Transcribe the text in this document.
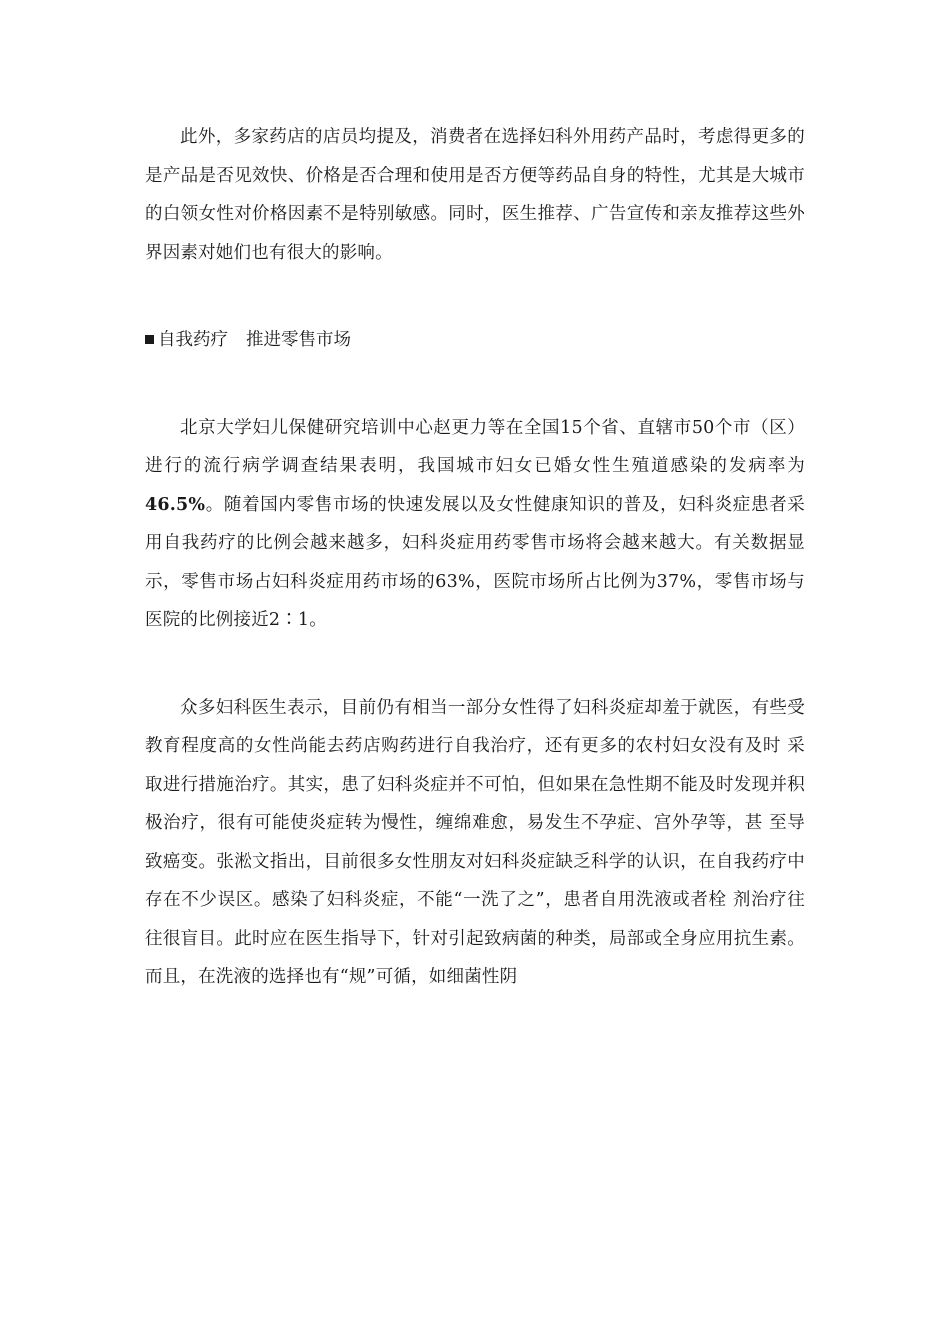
此外，多家药店的店员均提及，消费者在选择妇科外用药产品时，考虑得更多的是产品是否见效快、价格是否合理和使用是否方便等药品自身的特性，尤其是大城市的白领女性对价格因素不是特别敏感。同时，医生推荐、广告宣传和亲友推荐这些外界因素对她们也有很大的影响。

自我药疗 推进零售市场

北京大学妇儿保健研究培训中心赵更力等在全国15个省、直辖市50个市（区）进行的流行病学调查结果表明，我国城市妇女已婚女性生殖道感染的发病率为46.5%。随着国内零售市场的快速发展以及女性健康知识的普及，妇科炎症患者采用自我药疗的比例会越来越多，妇科炎症用药零售市场将会越来越大。有关数据显示，零售市场占妇科炎症用药市场的63%，医院市场所占比例为37%，零售市场与医院的比例接近2∶1。

众多妇科医生表示，目前仍有相当一部分女性得了妇科炎症却羞于就医，有些受教育程度高的女性尚能去药店购药进行自我治疗，还有更多的农村妇女没有及时 采取进行措施治疗。其实，患了妇科炎症并不可怕，但如果在急性期不能及时发现并积极治疗，很有可能使炎症转为慢性，缠绵难愈，易发生不孕症、宫外孕等，甚 至导致癌变。张淞文指出，目前很多女性朋友对妇科炎症缺乏科学的认识，在自我药疗中存在不少误区。感染了妇科炎症，不能“一洗了之”，患者自用洗液或者栓 剂治疗往往很盲目。此时应在医生指导下，针对引起致病菌的种类，局部或全身应用抗生素。而且，在洗液的选择也有“规”可循，如细菌性阴
